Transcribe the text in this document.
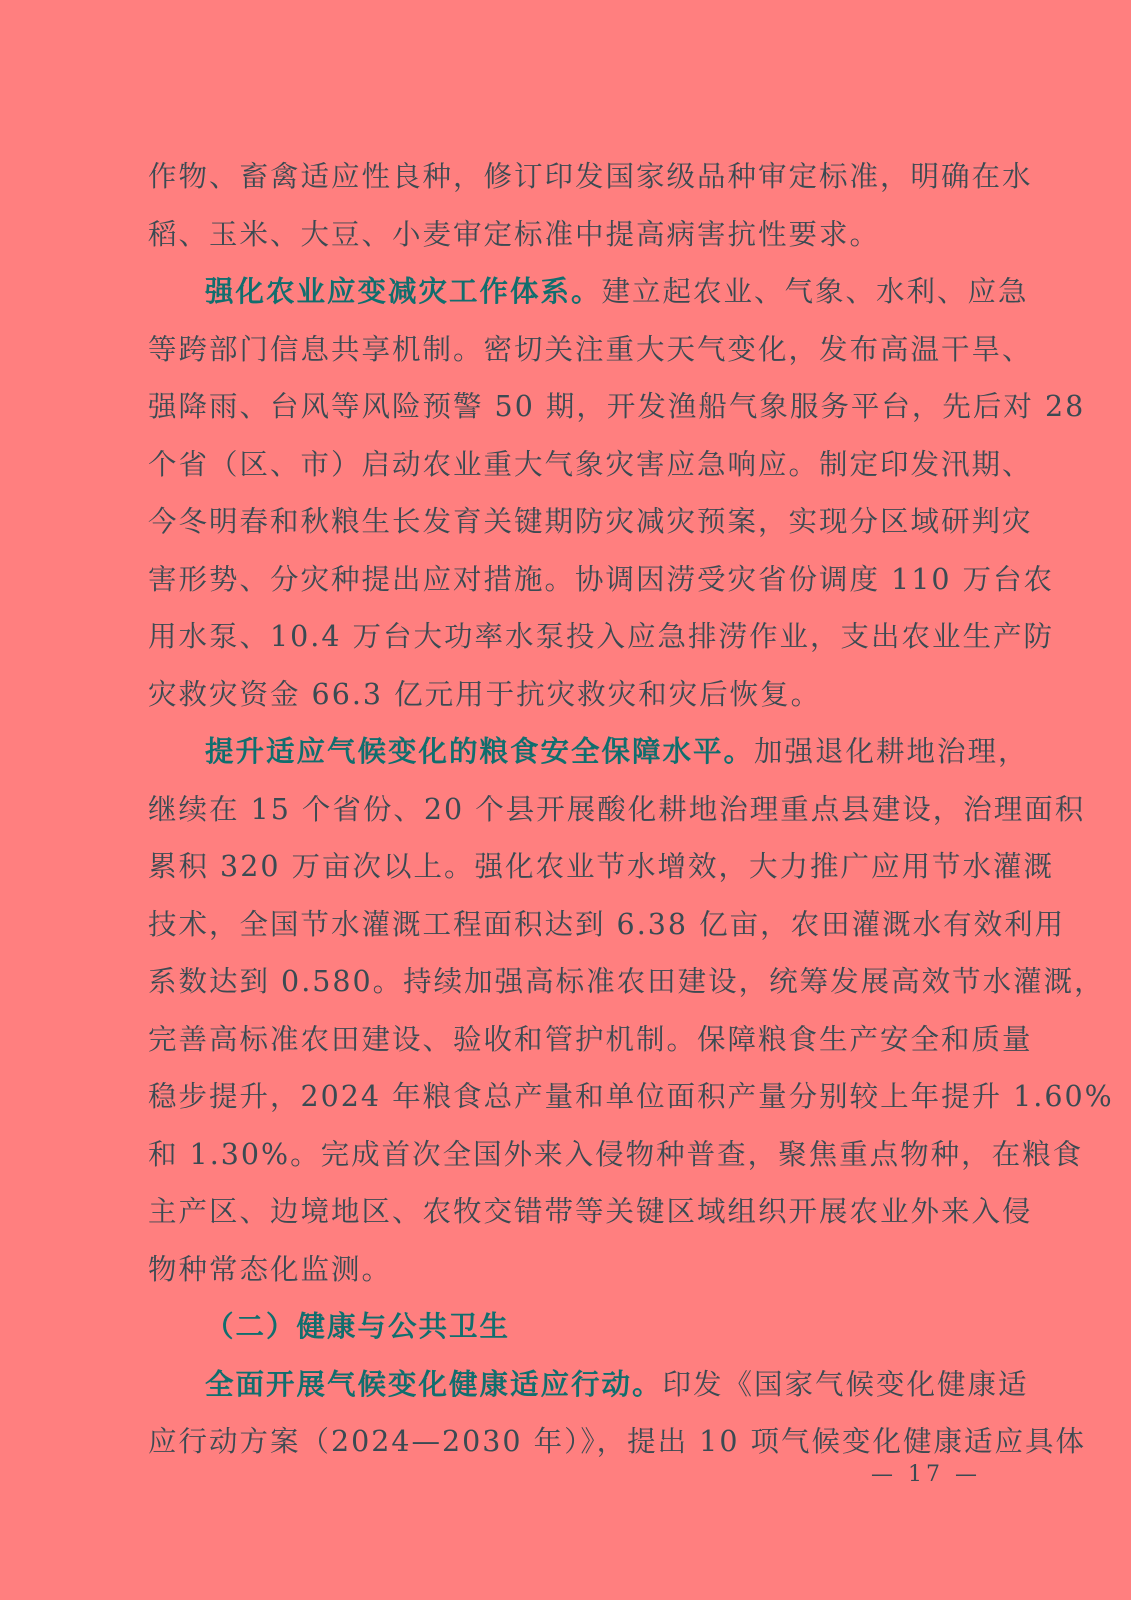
作物、畜禽适应性良种，修订印发国家级品种审定标准，明确在水
稻、玉米、大豆、小麦审定标准中提高病害抗性要求。
强化农业应变减灾工作体系。建立起农业、气象、水利、应急
等跨部门信息共享机制。密切关注重大天气变化，发布高温干旱、
强降雨、台风等风险预警 50 期，开发渔船气象服务平台，先后对 28
个省（区、市）启动农业重大气象灾害应急响应。制定印发汛期、
今冬明春和秋粮生长发育关键期防灾减灾预案，实现分区域研判灾
害形势、分灾种提出应对措施。协调因涝受灾省份调度 110 万台农
用水泵、10.4 万台大功率水泵投入应急排涝作业，支出农业生产防
灾救灾资金 66.3 亿元用于抗灾救灾和灾后恢复。
提升适应气候变化的粮食安全保障水平。加强退化耕地治理，
继续在 15 个省份、20 个县开展酸化耕地治理重点县建设，治理面积
累积 320 万亩次以上。强化农业节水增效，大力推广应用节水灌溉
技术，全国节水灌溉工程面积达到 6.38 亿亩，农田灌溉水有效利用
系数达到 0.580。持续加强高标准农田建设，统筹发展高效节水灌溉，
完善高标准农田建设、验收和管护机制。保障粮食生产安全和质量
稳步提升，2024 年粮食总产量和单位面积产量分别较上年提升 1.60%
和 1.30%。完成首次全国外来入侵物种普查，聚焦重点物种，在粮食
主产区、边境地区、农牧交错带等关键区域组织开展农业外来入侵
物种常态化监测。
（二）健康与公共卫生
全面开展气候变化健康适应行动。印发《国家气候变化健康适
应行动方案（2024—2030 年）》，提出 10 项气候变化健康适应具体
— 17 —
